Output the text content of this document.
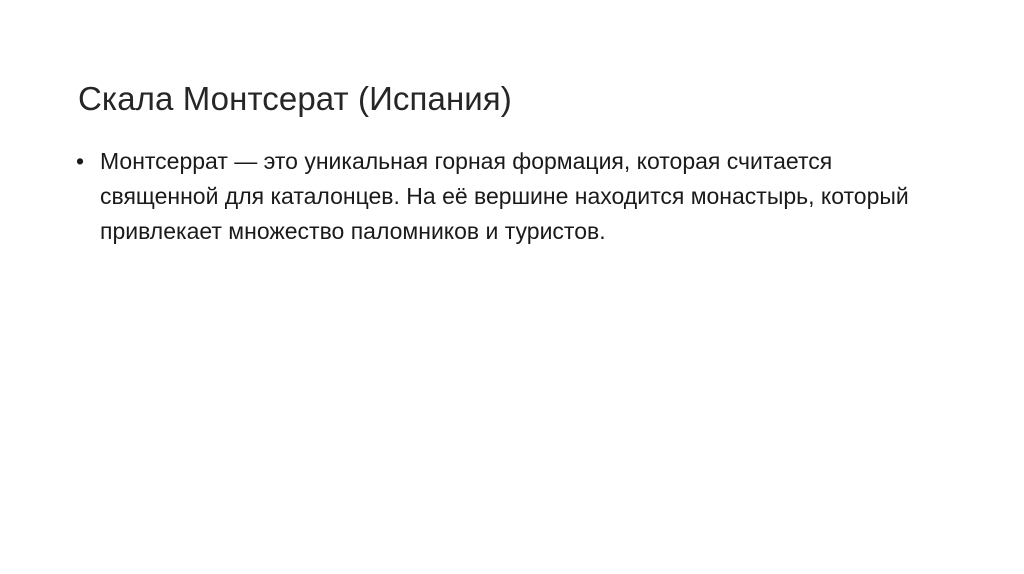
Скала Монтсерат (Испания)
• Монтсеррат — это уникальная горная формация, которая считается священной для каталонцев. На её вершине находится монастырь, который привлекает множество паломников и туристов.
